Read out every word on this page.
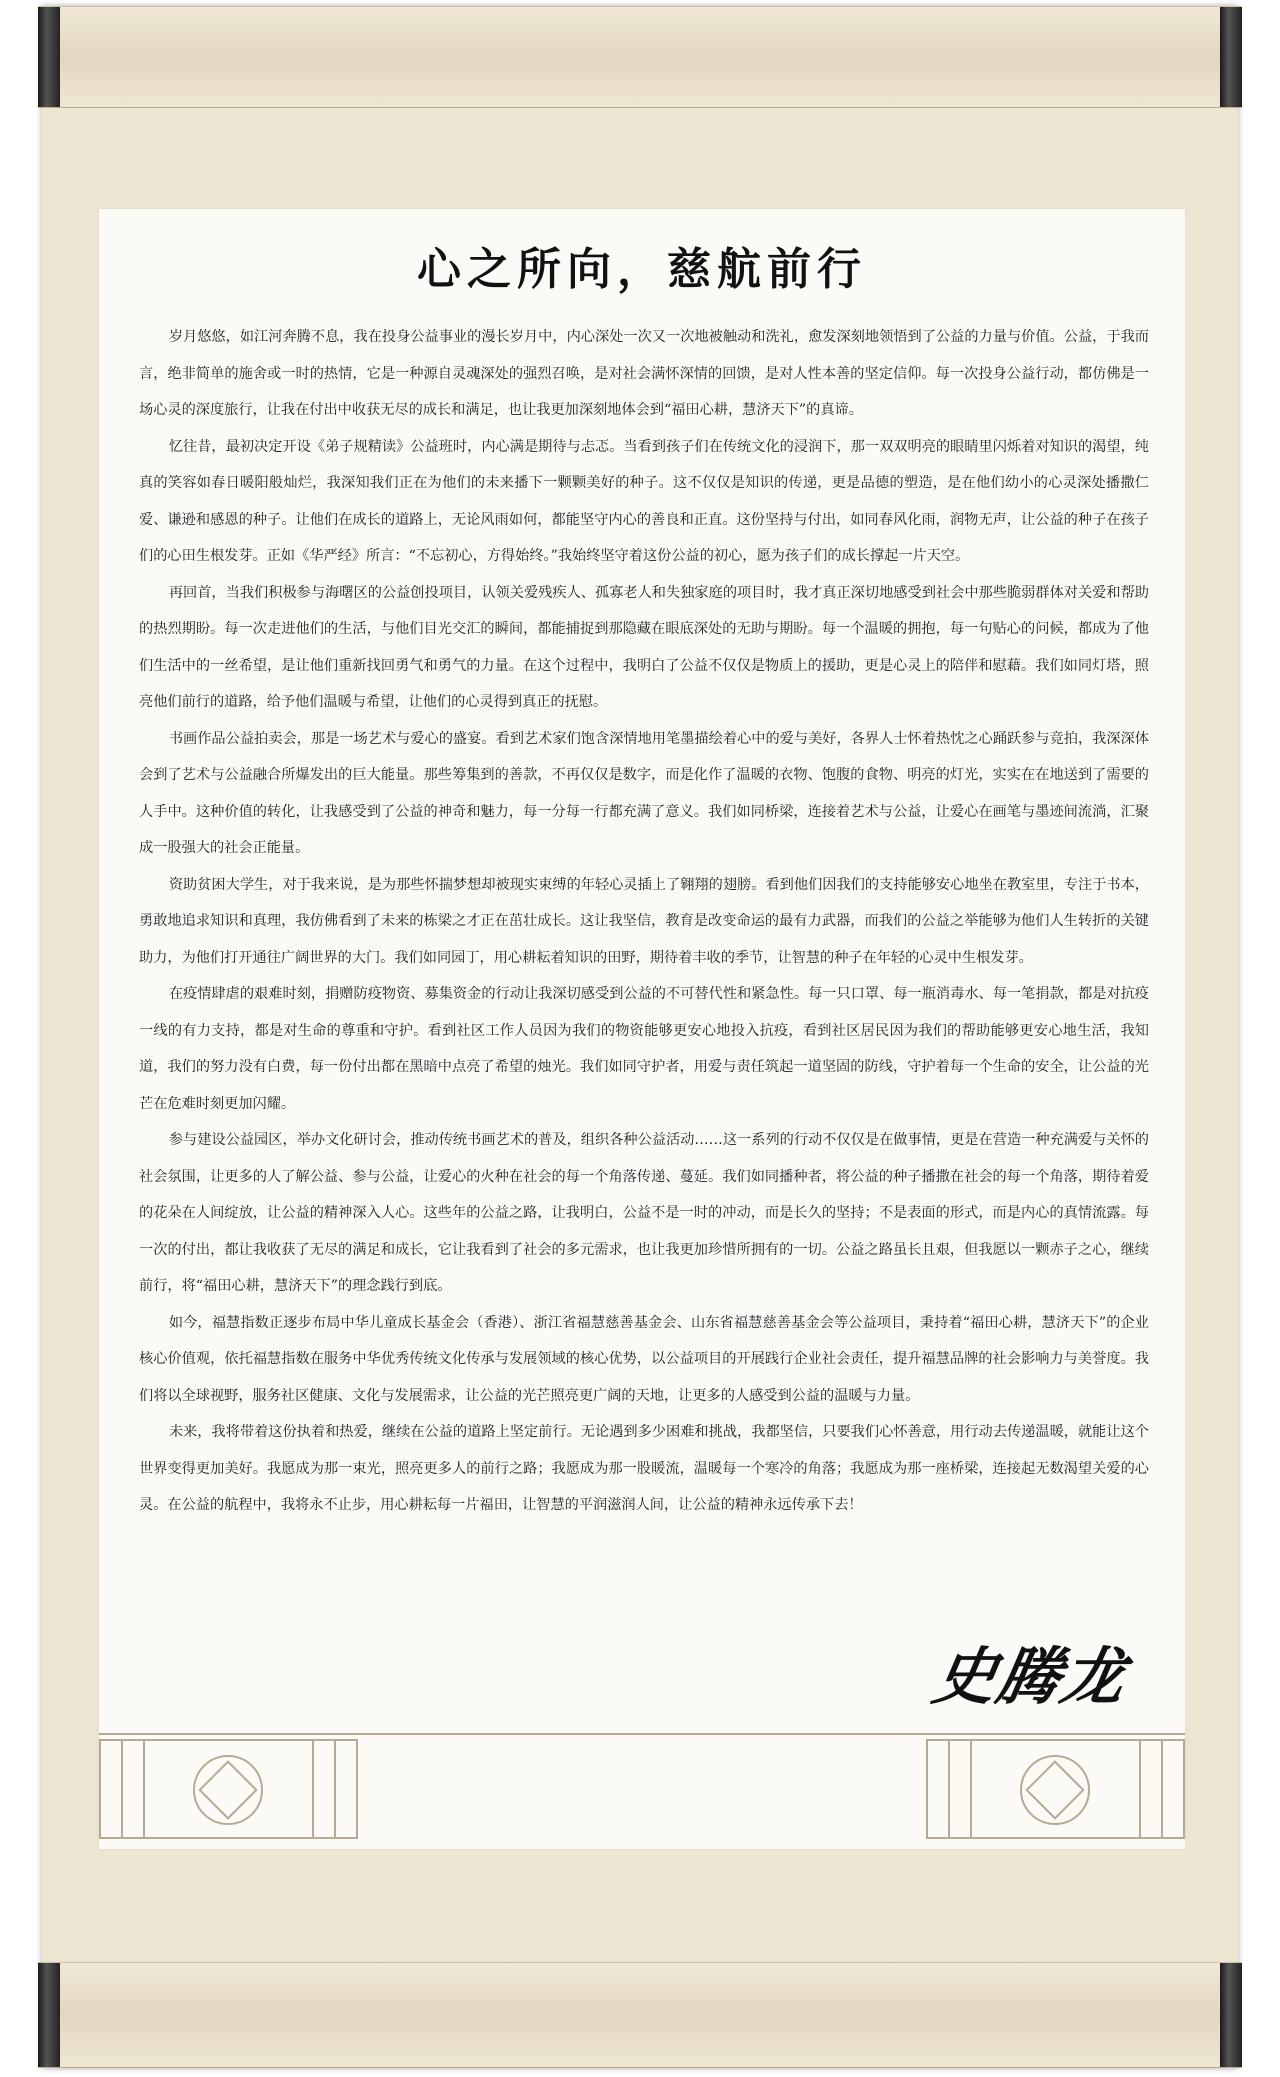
心之所向，慈航前行

岁月悠悠，如江河奔腾不息，我在投身公益事业的漫长岁月中，内心深处一次又一次地被触动和洗礼，愈发深刻地领悟到了公益的力量与价值。公益，于我而言，绝非简单的施舍或一时的热情，它是一种源自灵魂深处的强烈召唤，是对社会满怀深情的回馈，是对人性本善的坚定信仰。每一次投身公益行动，都仿佛是一场心灵的深度旅行，让我在付出中收获无尽的成长和满足，也让我更加深刻地体会到“福田心耕，慧济天下”的真谛。

忆往昔，最初决定开设《弟子规精读》公益班时，内心满是期待与忐忑。当看到孩子们在传统文化的浸润下，那一双双明亮的眼睛里闪烁着对知识的渴望，纯真的笑容如春日暖阳般灿烂，我深知我们正在为他们的未来播下一颗颗美好的种子。这不仅仅是知识的传递，更是品德的塑造，是在他们幼小的心灵深处播撒仁爱、谦逊和感恩的种子。让他们在成长的道路上，无论风雨如何，都能坚守内心的善良和正直。这份坚持与付出，如同春风化雨，润物无声，让公益的种子在孩子们的心田生根发芽。正如《华严经》所言：“不忘初心，方得始终。”我始终坚守着这份公益的初心，愿为孩子们的成长撑起一片天空。

再回首，当我们积极参与海曙区的公益创投项目，认领关爱残疾人、孤寡老人和失独家庭的项目时，我才真正深切地感受到社会中那些脆弱群体对关爱和帮助的热烈期盼。每一次走进他们的生活，与他们目光交汇的瞬间，都能捕捉到那隐藏在眼底深处的无助与期盼。每一个温暖的拥抱，每一句贴心的问候，都成为了他们生活中的一丝希望，是让他们重新找回勇气和勇气的力量。在这个过程中，我明白了公益不仅仅是物质上的援助，更是心灵上的陪伴和慰藉。我们如同灯塔，照亮他们前行的道路，给予他们温暖与希望，让他们的心灵得到真正的抚慰。

书画作品公益拍卖会，那是一场艺术与爱心的盛宴。看到艺术家们饱含深情地用笔墨描绘着心中的爱与美好，各界人士怀着热忱之心踊跃参与竞拍，我深深体会到了艺术与公益融合所爆发出的巨大能量。那些筹集到的善款，不再仅仅是数字，而是化作了温暖的衣物、饱腹的食物、明亮的灯光，实实在在地送到了需要的人手中。这种价值的转化，让我感受到了公益的神奇和魅力，每一分每一行都充满了意义。我们如同桥梁，连接着艺术与公益，让爱心在画笔与墨迹间流淌，汇聚成一股强大的社会正能量。

资助贫困大学生，对于我来说，是为那些怀揣梦想却被现实束缚的年轻心灵插上了翱翔的翅膀。看到他们因我们的支持能够安心地坐在教室里，专注于书本，勇敢地追求知识和真理，我仿佛看到了未来的栋梁之才正在茁壮成长。这让我坚信，教育是改变命运的最有力武器，而我们的公益之举能够为他们人生转折的关键助力，为他们打开通往广阔世界的大门。我们如同园丁，用心耕耘着知识的田野，期待着丰收的季节，让智慧的种子在年轻的心灵中生根发芽。

在疫情肆虐的艰难时刻，捐赠防疫物资、募集资金的行动让我深切感受到公益的不可替代性和紧急性。每一只口罩、每一瓶消毒水、每一笔捐款，都是对抗疫一线的有力支持，都是对生命的尊重和守护。看到社区工作人员因为我们的物资能够更安心地投入抗疫，看到社区居民因为我们的帮助能够更安心地生活，我知道，我们的努力没有白费，每一份付出都在黑暗中点亮了希望的烛光。我们如同守护者，用爱与责任筑起一道坚固的防线，守护着每一个生命的安全，让公益的光芒在危难时刻更加闪耀。

参与建设公益园区，举办文化研讨会，推动传统书画艺术的普及，组织各种公益活动……这一系列的行动不仅仅是在做事情，更是在营造一种充满爱与关怀的社会氛围，让更多的人了解公益、参与公益，让爱心的火种在社会的每一个角落传递、蔓延。我们如同播种者，将公益的种子播撒在社会的每一个角落，期待着爱的花朵在人间绽放，让公益的精神深入人心。这些年的公益之路，让我明白，公益不是一时的冲动，而是长久的坚持；不是表面的形式，而是内心的真情流露。每一次的付出，都让我收获了无尽的满足和成长，它让我看到了社会的多元需求，也让我更加珍惜所拥有的一切。公益之路虽长且艰，但我愿以一颗赤子之心，继续前行，将“福田心耕，慧济天下”的理念践行到底。

如今，福慧指数正逐步布局中华儿童成长基金会（香港）、浙江省福慧慈善基金会、山东省福慧慈善基金会等公益项目，秉持着“福田心耕，慧济天下”的企业核心价值观，依托福慧指数在服务中华优秀传统文化传承与发展领域的核心优势，以公益项目的开展践行企业社会责任，提升福慧品牌的社会影响力与美誉度。我们将以全球视野，服务社区健康、文化与发展需求，让公益的光芒照亮更广阔的天地，让更多的人感受到公益的温暖与力量。

未来，我将带着这份执着和热爱，继续在公益的道路上坚定前行。无论遇到多少困难和挑战，我都坚信，只要我们心怀善意，用行动去传递温暖，就能让这个世界变得更加美好。我愿成为那一束光，照亮更多人的前行之路；我愿成为那一股暖流，温暖每一个寒冷的角落；我愿成为那一座桥梁，连接起无数渴望关爱的心灵。在公益的航程中，我将永不止步，用心耕耘每一片福田，让智慧的平润滋润人间，让公益的精神永远传承下去！

史腾龙
